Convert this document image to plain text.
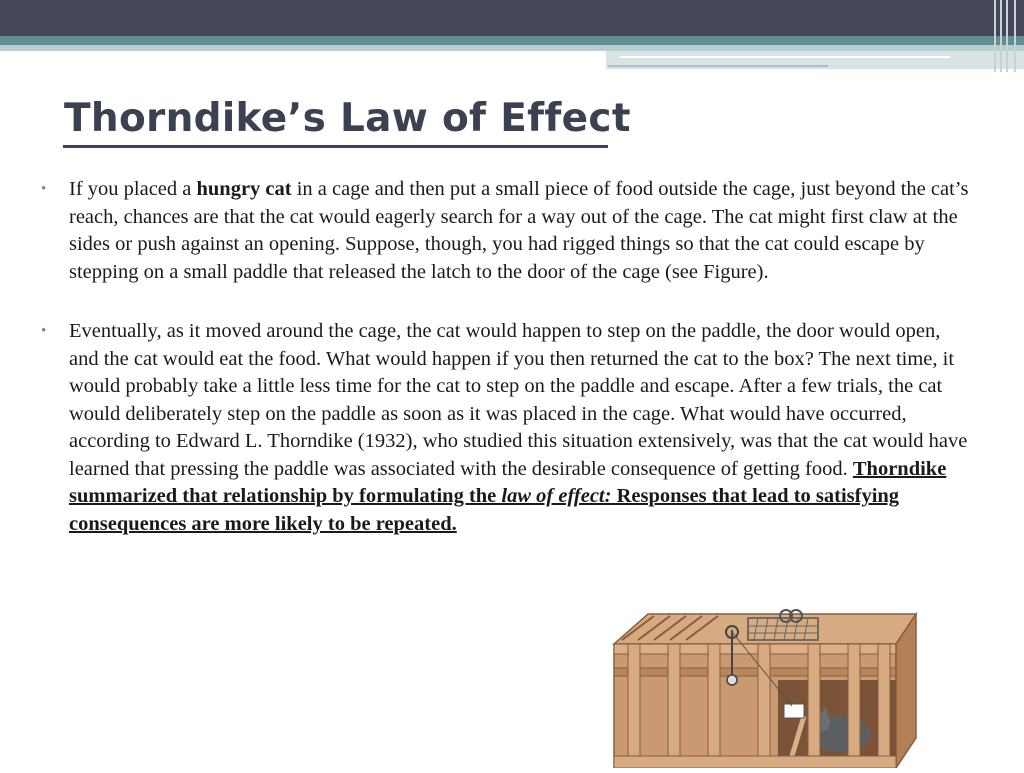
Thorndike’s Law of Effect
• If you placed a hungry cat in a cage and then put a small piece of food outside the cage, just beyond the cat’s reach, chances are that the cat would eagerly search for a way out of the cage. The cat might first claw at the sides or push against an opening. Suppose, though, you had rigged things so that the cat could escape by stepping on a small paddle that released the latch to the door of the cage (see Figure).
• Eventually, as it moved around the cage, the cat would happen to step on the paddle, the door would open, and the cat would eat the food. What would happen if you then returned the cat to the box? The next time, it would probably take a little less time for the cat to step on the paddle and escape. After a few trials, the cat would deliberately step on the paddle as soon as it was placed in the cage. What would have occurred, according to Edward L. Thorndike (1932), who studied this situation extensively, was that the cat would have learned that pressing the paddle was associated with the desirable consequence of getting food. Thorndike summarized that relationship by formulating the law of effect: Responses that lead to satisfying consequences are more likely to be repeated.
